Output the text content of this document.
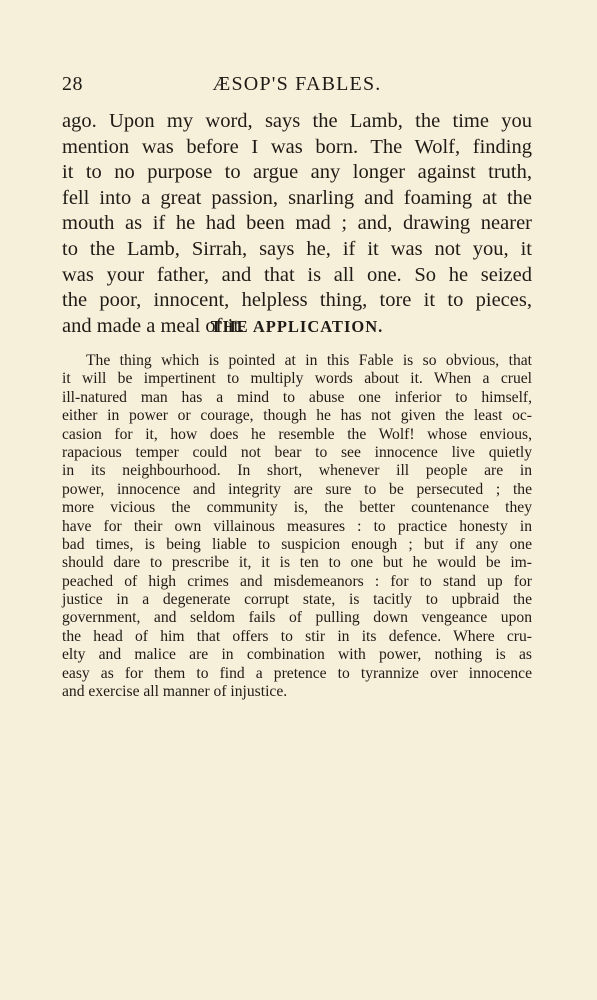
28	ÆSOP'S FABLES.

ago. Upon my word, says the Lamb, the time you
mention was before I was born. The Wolf, finding
it to no purpose to argue any longer against truth,
fell into a great passion, snarling and foaming at the
mouth as if he had been mad ; and, drawing nearer
to the Lamb, Sirrah, says he, if it was not you, it
was your father, and that is all one. So he seized
the poor, innocent, helpless thing, tore it to pieces,
and made a meal of it.

THE APPLICATION.

The thing which is pointed at in this Fable is so obvious, that
it will be impertinent to multiply words about it. When a cruel
ill-natured man has a mind to abuse one inferior to himself,
either in power or courage, though he has not given the least oc-
casion for it, how does he resemble the Wolf! whose envious,
rapacious temper could not bear to see innocence live quietly
in its neighbourhood. In short, whenever ill people are in
power, innocence and integrity are sure to be persecuted ; the
more vicious the community is, the better countenance they
have for their own villainous measures : to practice honesty in
bad times, is being liable to suspicion enough ; but if any one
should dare to prescribe it, it is ten to one but he would be im-
peached of high crimes and misdemeanors : for to stand up for
justice in a degenerate corrupt state, is tacitly to upbraid the
government, and seldom fails of pulling down vengeance upon
the head of him that offers to stir in its defence. Where cru-
elty and malice are in combination with power, nothing is as
easy as for them to find a pretence to tyrannize over innocence
and exercise all manner of injustice.
